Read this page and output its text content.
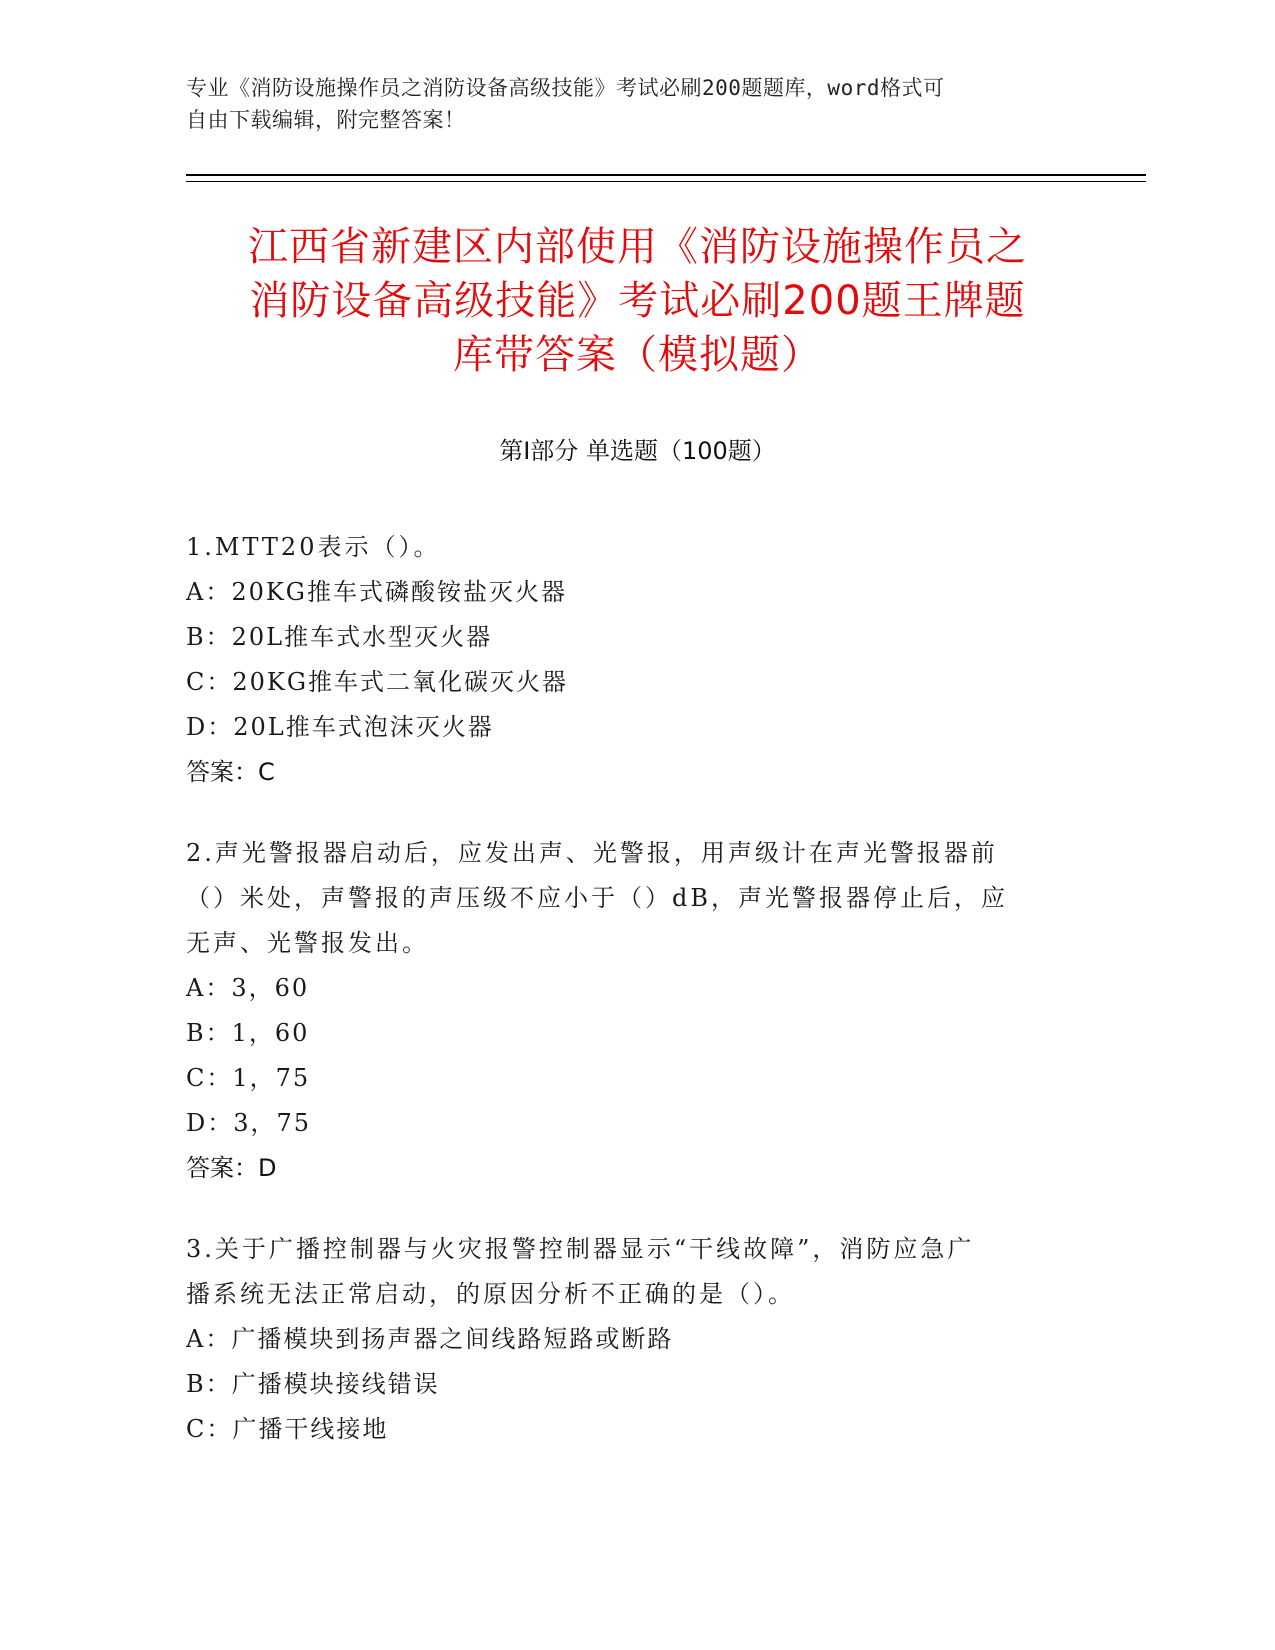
专业《消防设施操作员之消防设备高级技能》考试必刷200题题库，word格式可
自由下载编辑，附完整答案！
江西省新建区内部使用《消防设施操作员之
消防设备高级技能》考试必刷200题王牌题
库带答案（模拟题）
第Ⅰ部分 单选题（100题）
1.MTT20表示（）。
A：20KG推车式磷酸铵盐灭火器
B：20L推车式水型灭火器
C：20KG推车式二氧化碳灭火器
D：20L推车式泡沫灭火器
答案：C
2.声光警报器启动后，应发出声、光警报，用声级计在声光警报器前
（）米处，声警报的声压级不应小于（）dB，声光警报器停止后，应
无声、光警报发出。
A：3，60
B：1，60
C：1，75
D：3，75
答案：D
3.关于广播控制器与火灾报警控制器显示“干线故障”，消防应急广
播系统无法正常启动，的原因分析不正确的是（）。
A：广播模块到扬声器之间线路短路或断路
B：广播模块接线错误
C：广播干线接地
